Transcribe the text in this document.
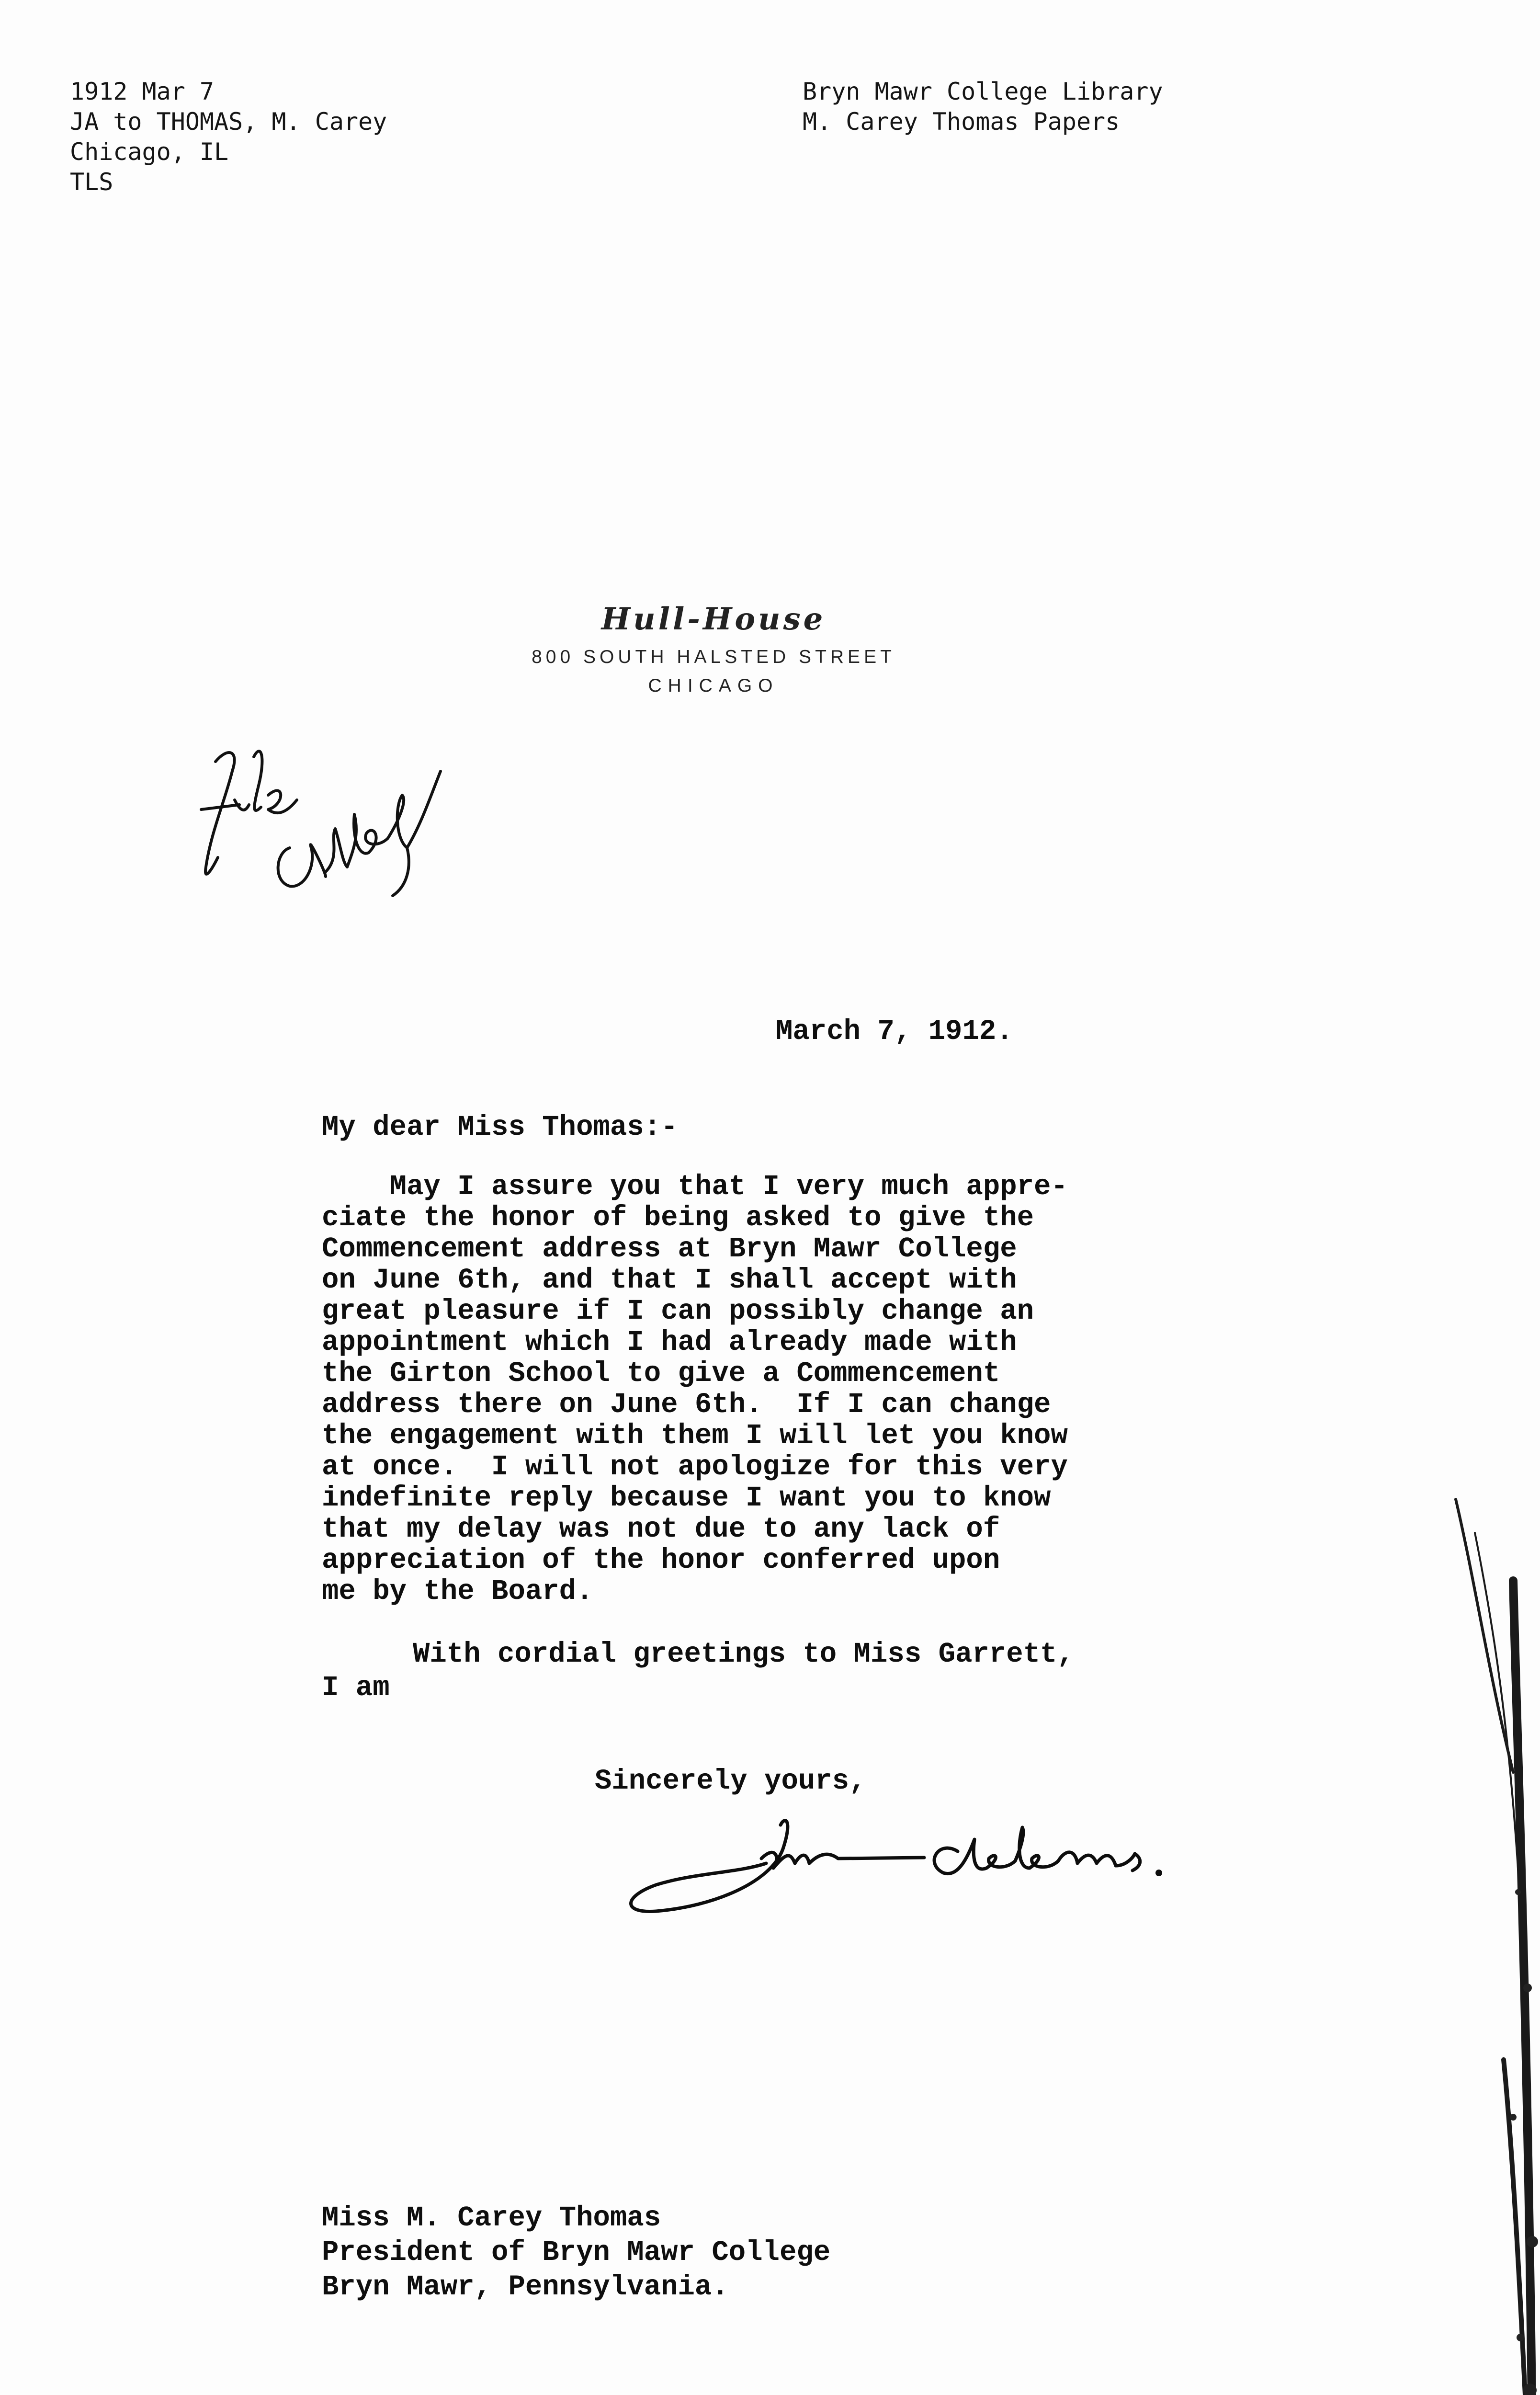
1912 Mar 7
JA to THOMAS, M. Carey
Chicago, IL
TLS
Bryn Mawr College Library
M. Carey Thomas Papers
Hull-House
800 SOUTH HALSTED STREET
CHICAGO
March 7, 1912.
My dear Miss Thomas:-
May I assure you that I very much appre-
ciate the honor of being asked to give the
Commencement address at Bryn Mawr College
on June 6th, and that I shall accept with
great pleasure if I can possibly change an
appointment which I had already made with
the Girton School to give a Commencement
address there on June 6th.  If I can change
the engagement with them I will let you know
at once.  I will not apologize for this very
indefinite reply because I want you to know
that my delay was not due to any lack of
appreciation of the honor conferred upon
me by the Board.
With cordial greetings to Miss Garrett,
I am
Sincerely yours,
Miss M. Carey Thomas
President of Bryn Mawr College
Bryn Mawr, Pennsylvania.
